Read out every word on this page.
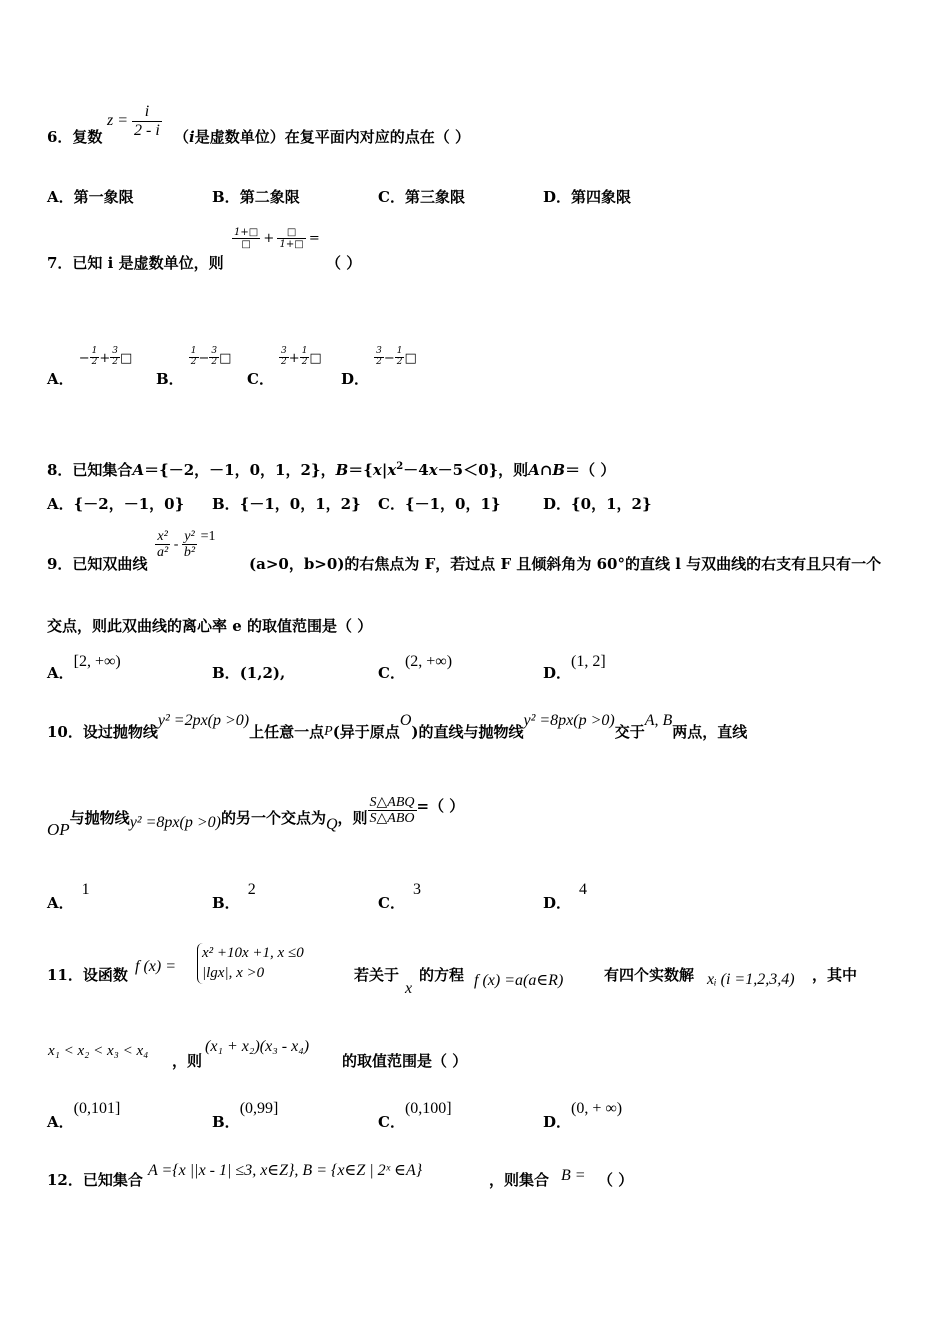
6．复数
$z = \frac{i}{2 - i} (i$是虚数单位）在复平面内对应的点在（ ）
A．第一象限	B．第二象限	C．第三象限	D．第四象限
7．已知 i 是虚数单位，则
$\frac{1+□}{□} + \frac{□}{1+□}$ =
（ ）
A． − $\frac{1}{2} + \frac{3}{2}$ □
B．
$\frac{1}{2} - \frac{3}{2}$ □
C．
$\frac{3}{2} + \frac{1}{2}$ □
D．
$\frac{3}{2} - \frac{1}{2}$ □
8．已知集合A＝{－2，－1，0，1，2}，$B=\{x|x^2-4x-5<0\}$，则A∩B＝（ ）
A．{－2，－1，0} B．{－1，0，1，2} C．{－1，0，1}	D．{0，1，2}
9．已知双曲线
$\frac{\text{x²}}{\text{a²}} - \frac{\text{y²}}{\text{b²}} =1$
(a>0，b>0)的右焦点为 F，若过点 F 且倾斜角为 60°的直线 l 与双曲线的右支有且只有一个
交点，则此双曲线的离心率 e 的取值范围是（ ）
A．[2, +∞)
B．(1,2),	C．(2, +∞)
D．(1, 2]
10．设过抛物线y² =2px(p >0)上任意一点P(异于原点O)的直线与抛物线y² =8px(p >0)交于A, B两点，直线
OP与抛物线y² =8px(p >0)的另一个交点为Q，则 $\frac{\text{S△ABQ}}{\text{S△ABO}}$ =（ ）
A．1
B．2
C．3
D．4
11．设函数 f (x) =
x² +10x +1, x ≤0
|lgx|, x >0	若关于
x
的方程 f (x) =a(a∈R)	有四个实数解 xᵢ (i =1,2,3,4) ，其中
x₁ < x₂ < x₃ < x₄
，则
(x₁ + x₂)(x₃ - x₄)
的取值范围是（ ）
A．(0,101]
B．(0,99]
C．(0,100]
D．(0, + ∞)
12．已知集合
A ={x ||x - 1| ≤3, x∈Z}, B = {x∈Z | 2ˣ ∈A}
，则集合 B = （ ）
